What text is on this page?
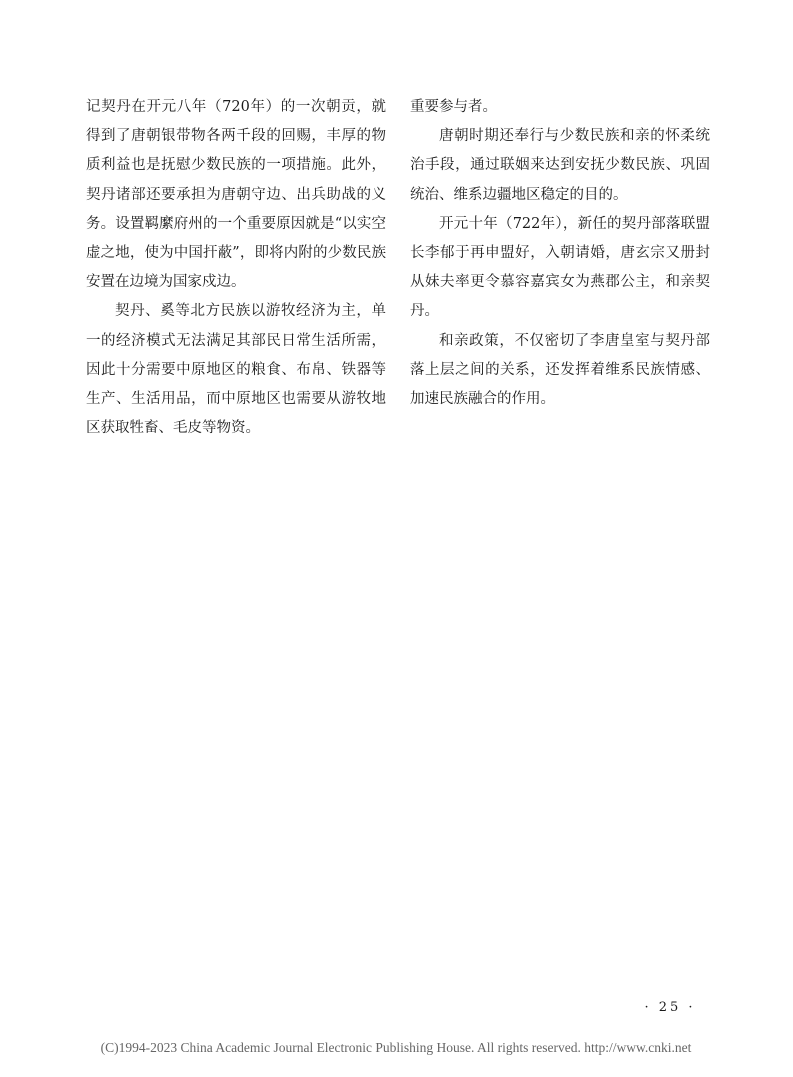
记契丹在开元八年（720年）的一次朝贡，就得到了唐朝银带物各两千段的回赐，丰厚的物质利益也是抚慰少数民族的一项措施。此外，契丹诸部还要承担为唐朝守边、出兵助战的义务。设置羁縻府州的一个重要原因就是“以实空虚之地，使为中国扞蔽”，即将内附的少数民族安置在边境为国家戍边。

契丹、奚等北方民族以游牧经济为主，单一的经济模式无法满足其部民日常生活所需，因此十分需要中原地区的粮食、布帛、铁器等生产、生活用品，而中原地区也需要从游牧地区获取牲畜、毛皮等物资。

重要参与者。

唐朝时期还奉行与少数民族和亲的怀柔统治手段，通过联姻来达到安抚少数民族、巩固统治、维系边疆地区稳定的目的。

开元十年（722年），新任的契丹部落联盟长李郁于再申盟好，入朝请婚，唐玄宗又册封从妹夫率更令慕容嘉宾女为燕郡公主，和亲契丹。

和亲政策，不仅密切了李唐皇室与契丹部落上层之间的关系，还发挥着维系民族情感、加速民族融合的作用。

· 25 ·
(C)1994-2023 China Academic Journal Electronic Publishing House. All rights reserved. http://www.cnki.net
